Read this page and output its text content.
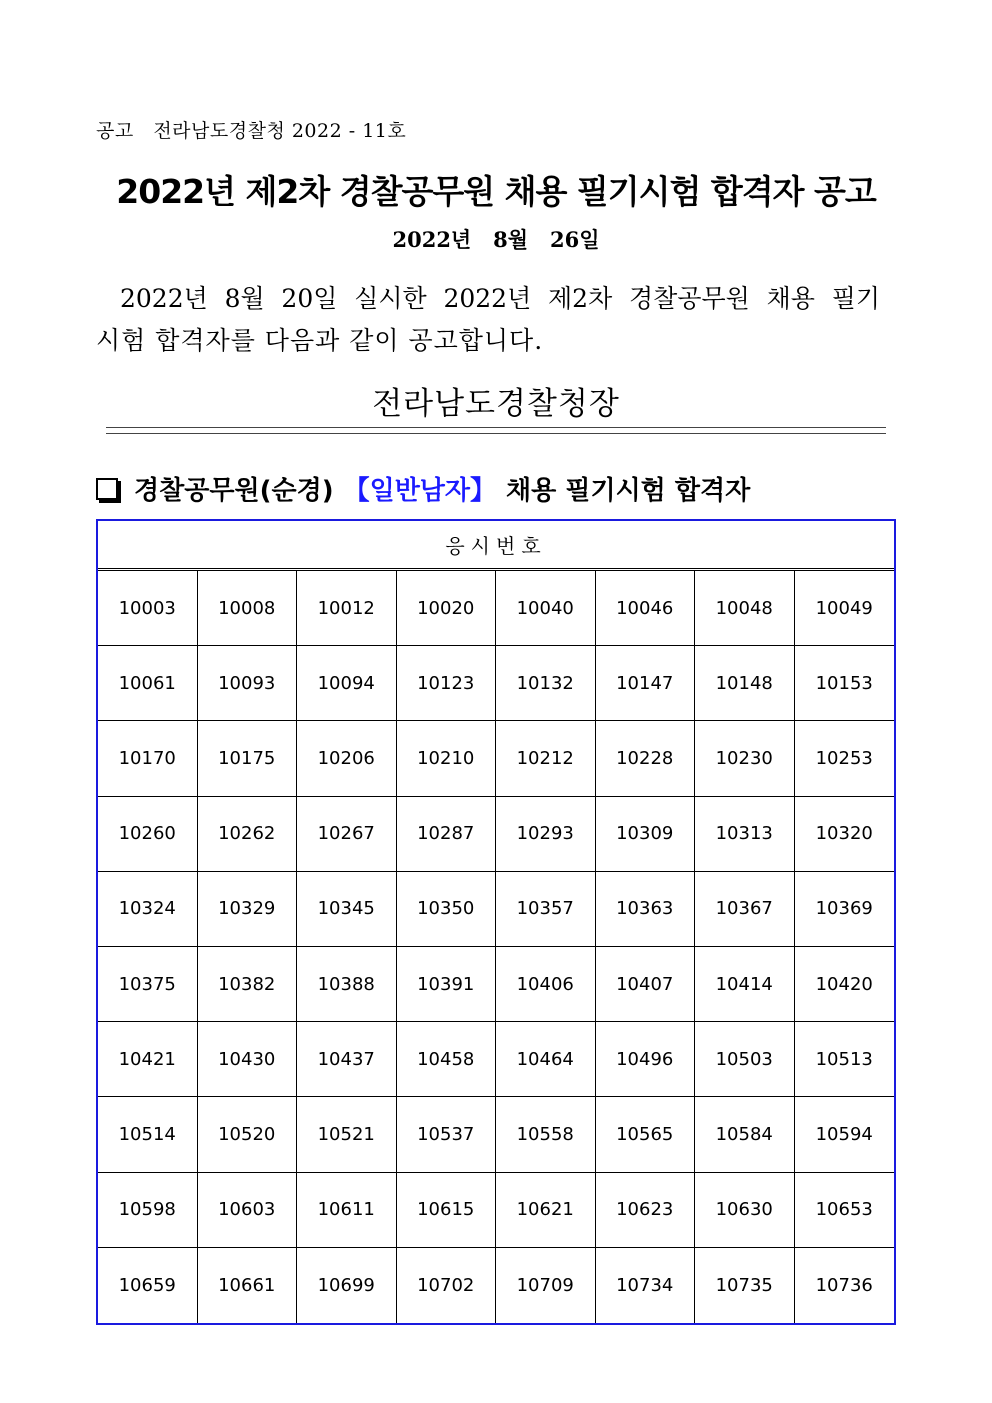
공고   전라남도경찰청 2022 - 11호
2022년 제2차 경찰공무원 채용 필기시험 합격자 공고
2022년   8월   26일
2022년 8월 20일 실시한 2022년 제2차 경찰공무원 채용 필기
시험 합격자를 다음과 같이 공고합니다.
전라남도경찰청장
경찰공무원(순경) 【일반남자】 채용 필기시험 합격자
응시번호
10003	10008	10012	10020	10040	10046	10048	10049
10061	10093	10094	10123	10132	10147	10148	10153
10170	10175	10206	10210	10212	10228	10230	10253
10260	10262	10267	10287	10293	10309	10313	10320
10324	10329	10345	10350	10357	10363	10367	10369
10375	10382	10388	10391	10406	10407	10414	10420
10421	10430	10437	10458	10464	10496	10503	10513
10514	10520	10521	10537	10558	10565	10584	10594
10598	10603	10611	10615	10621	10623	10630	10653
10659	10661	10699	10702	10709	10734	10735	10736
